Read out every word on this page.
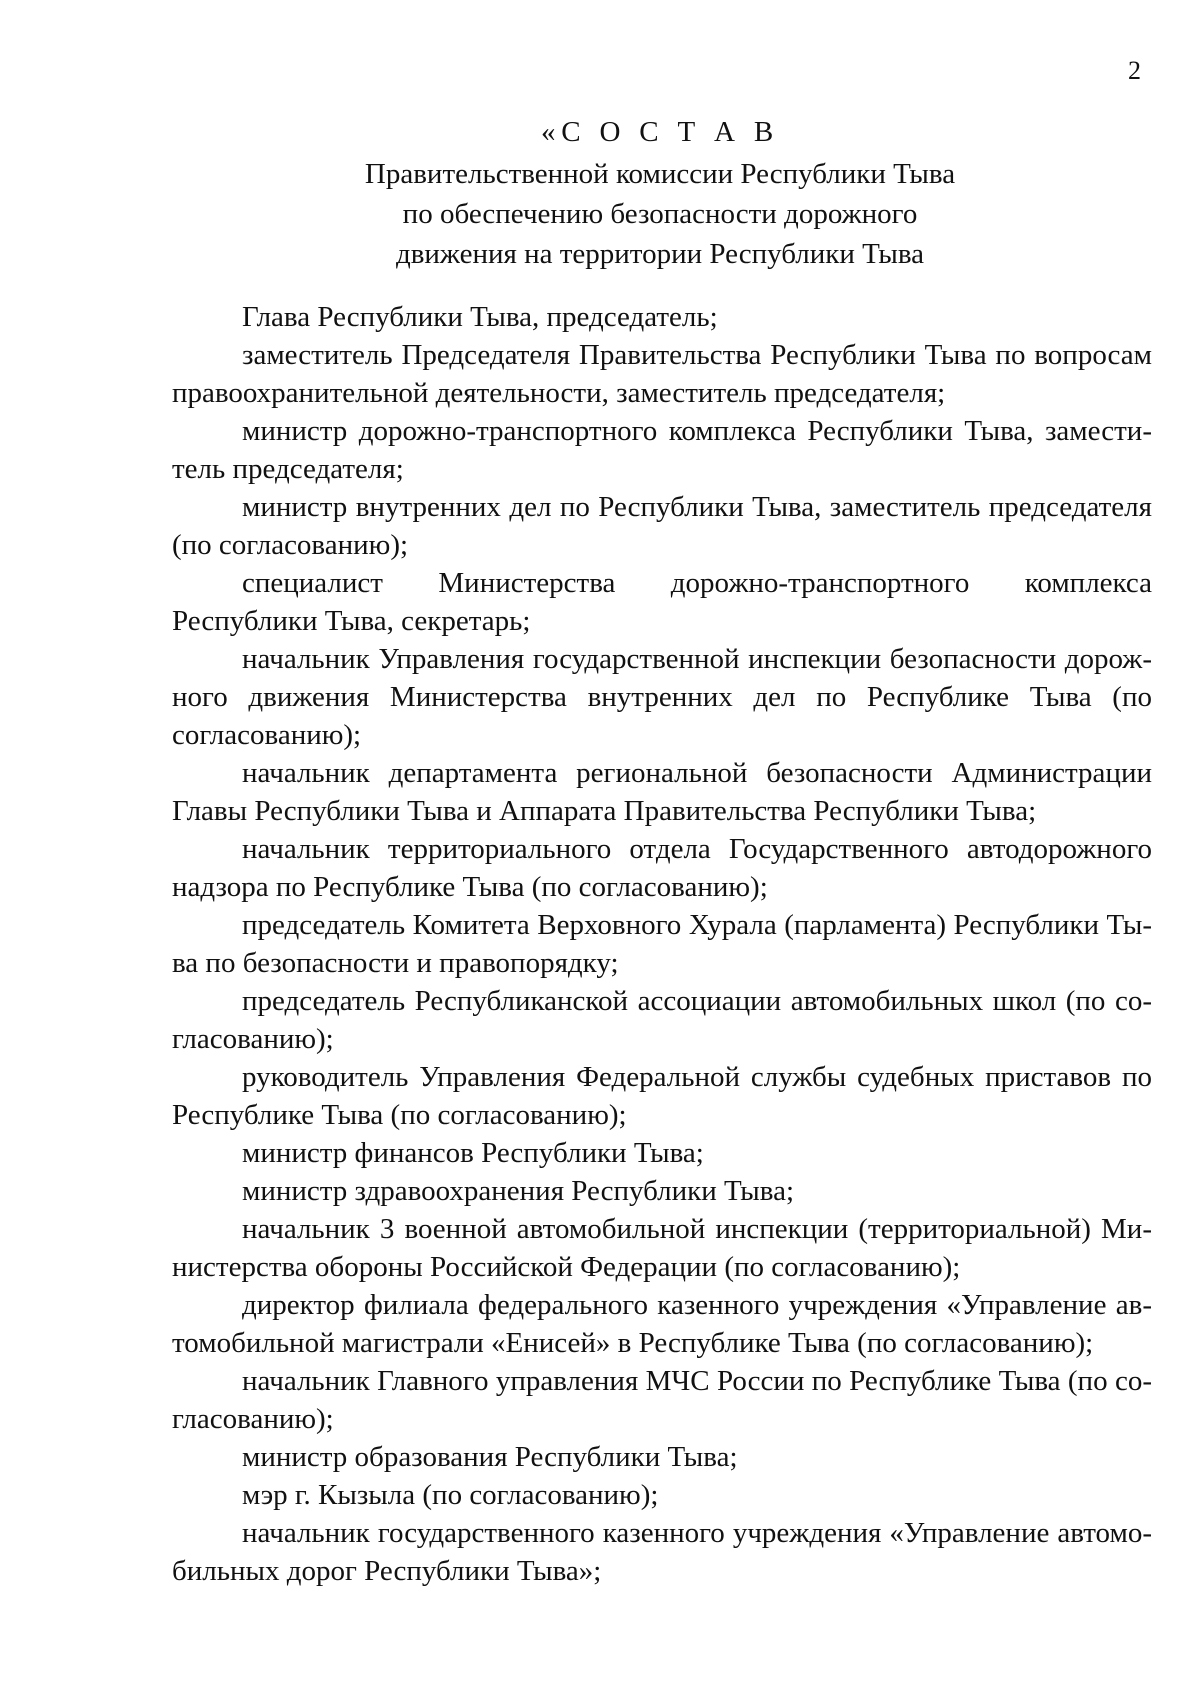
2
«С О С Т А В
Правительственной комиссии Республики Тыва
по обеспечению безопасности дорожного
движения на территории Республики Тыва
Глава Республики Тыва, председатель;
заместитель Председателя Правительства Республики Тыва по вопросам правоохранительной деятельности, заместитель председателя;
министр дорожно-транспортного комплекса Республики Тыва, заместитель председателя;
министр внутренних дел по Республики Тыва, заместитель председателя (по согласованию);
специалист Министерства дорожно-транспортного комплекса Республики Тыва, секретарь;
начальник Управления государственной инспекции безопасности дорожного движения Министерства внутренних дел по Республике Тыва (по согласованию);
начальник департамента региональной безопасности Администрации Главы Республики Тыва и Аппарата Правительства Республики Тыва;
начальник территориального отдела Государственного автодорожного надзора по Республике Тыва (по согласованию);
председатель Комитета Верховного Хурала (парламента) Республики Тыва по безопасности и правопорядку;
председатель Республиканской ассоциации автомобильных школ (по согласованию);
руководитель Управления Федеральной службы судебных приставов по Республике Тыва (по согласованию);
министр финансов Республики Тыва;
министр здравоохранения Республики Тыва;
начальник 3 военной автомобильной инспекции (территориальной) Министерства обороны Российской Федерации (по согласованию);
директор филиала федерального казенного учреждения «Управление автомобильной магистрали «Енисей» в Республике Тыва (по согласованию);
начальник Главного управления МЧС России по Республике Тыва (по согласованию);
министр образования Республики Тыва;
мэр г. Кызыла (по согласованию);
начальник государственного казенного учреждения «Управление автомобильных дорог Республики Тыва»;
